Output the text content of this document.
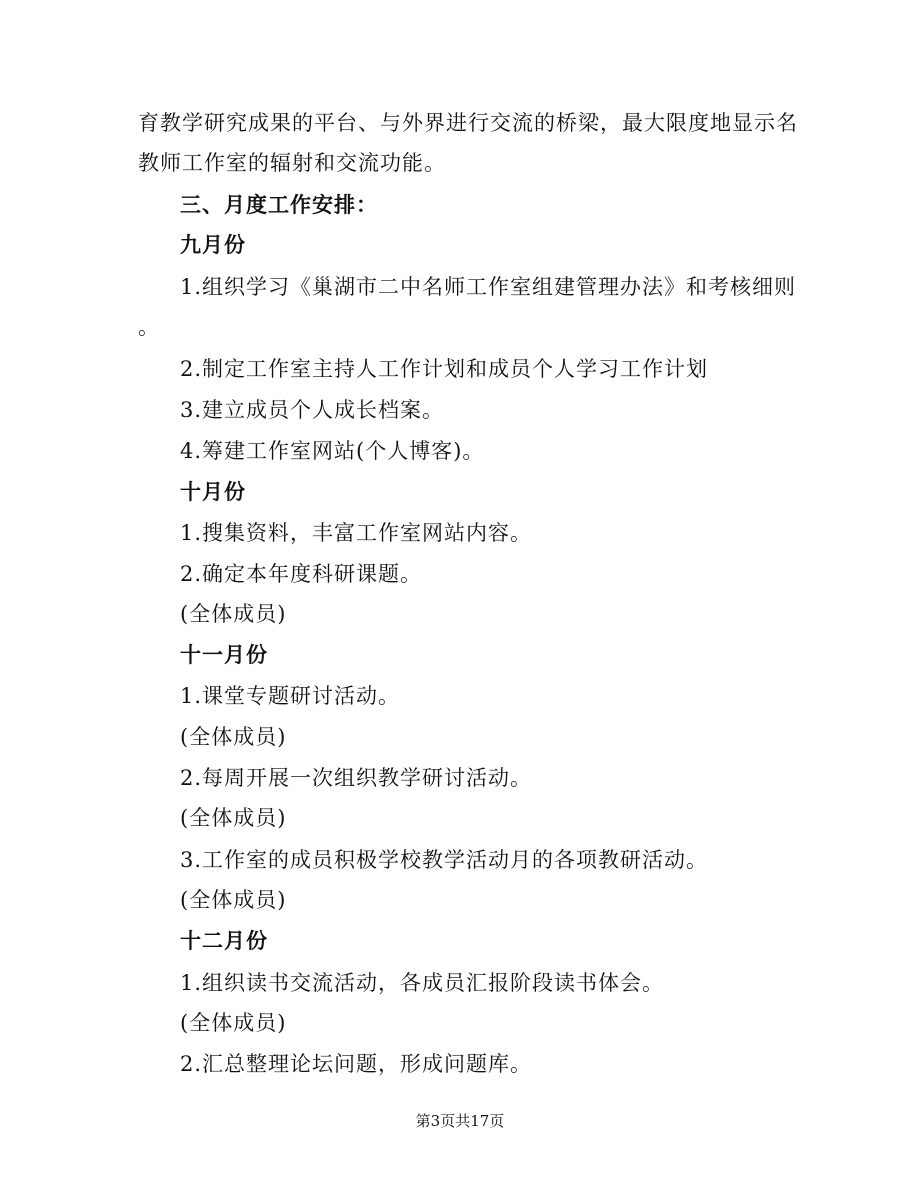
育教学研究成果的平台、与外界进行交流的桥梁，最大限度地显示名
教师工作室的辐射和交流功能。
三、月度工作安排：
九月份
1.组织学习《巢湖市二中名师工作室组建管理办法》和考核细则
。
2.制定工作室主持人工作计划和成员个人学习工作计划
3.建立成员个人成长档案。
4.筹建工作室网站(个人博客)。
十月份
1.搜集资料，丰富工作室网站内容。
2.确定本年度科研课题。
(全体成员)
十一月份
1.课堂专题研讨活动。
(全体成员)
2.每周开展一次组织教学研讨活动。
(全体成员)
3.工作室的成员积极学校教学活动月的各项教研活动。
(全体成员)
十二月份
1.组织读书交流活动，各成员汇报阶段读书体会。
(全体成员)
2.汇总整理论坛问题，形成问题库。
第3页共17页
